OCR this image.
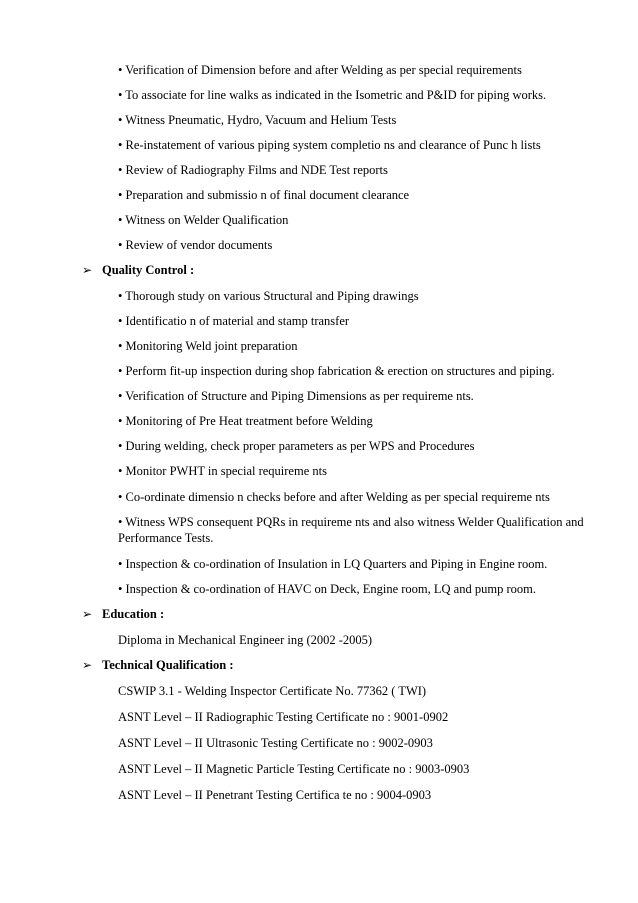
• Verification of Dimension before and after Welding as per special requirements
• To associate for line walks as indicated in the Isometric and P&ID for piping works.
• Witness Pneumatic, Hydro, Vacuum and Helium Tests
• Re-instatement of various piping system completio ns and clearance of Punc h lists
• Review of Radiography Films and NDE Test reports
• Preparation and submissio n of final document clearance
• Witness on Welder Qualification
• Review of vendor documents
➢ Quality Control :
• Thorough study on various Structural and Piping drawings
• Identificatio n of material and stamp transfer
• Monitoring Weld joint preparation
• Perform fit-up inspection during shop fabrication & erection on structures and piping.
• Verification of Structure and Piping Dimensions as per requireme nts.
• Monitoring of Pre Heat treatment before Welding
• During welding, check proper parameters as per WPS and Procedures
• Monitor PWHT in special requireme nts
• Co-ordinate dimensio n checks before and after Welding as per special requireme nts
• Witness WPS consequent PQRs in requireme nts and also witness Welder Qualification and Performance Tests.
• Inspection & co-ordination of Insulation in LQ Quarters and Piping in Engine room.
• Inspection & co-ordination of HAVC on Deck, Engine room, LQ and pump room.
➢ Education :
Diploma in Mechanical Engineer ing (2002 -2005)
➢ Technical Qualification :
CSWIP 3.1 - Welding Inspector Certificate No. 77362 ( TWI)
ASNT Level – II Radiographic Testing Certificate no : 9001-0902
ASNT Level – II Ultrasonic Testing Certificate no : 9002-0903
ASNT Level – II Magnetic Particle Testing Certificate no : 9003-0903
ASNT Level – II Penetrant Testing Certifica te no : 9004-0903
